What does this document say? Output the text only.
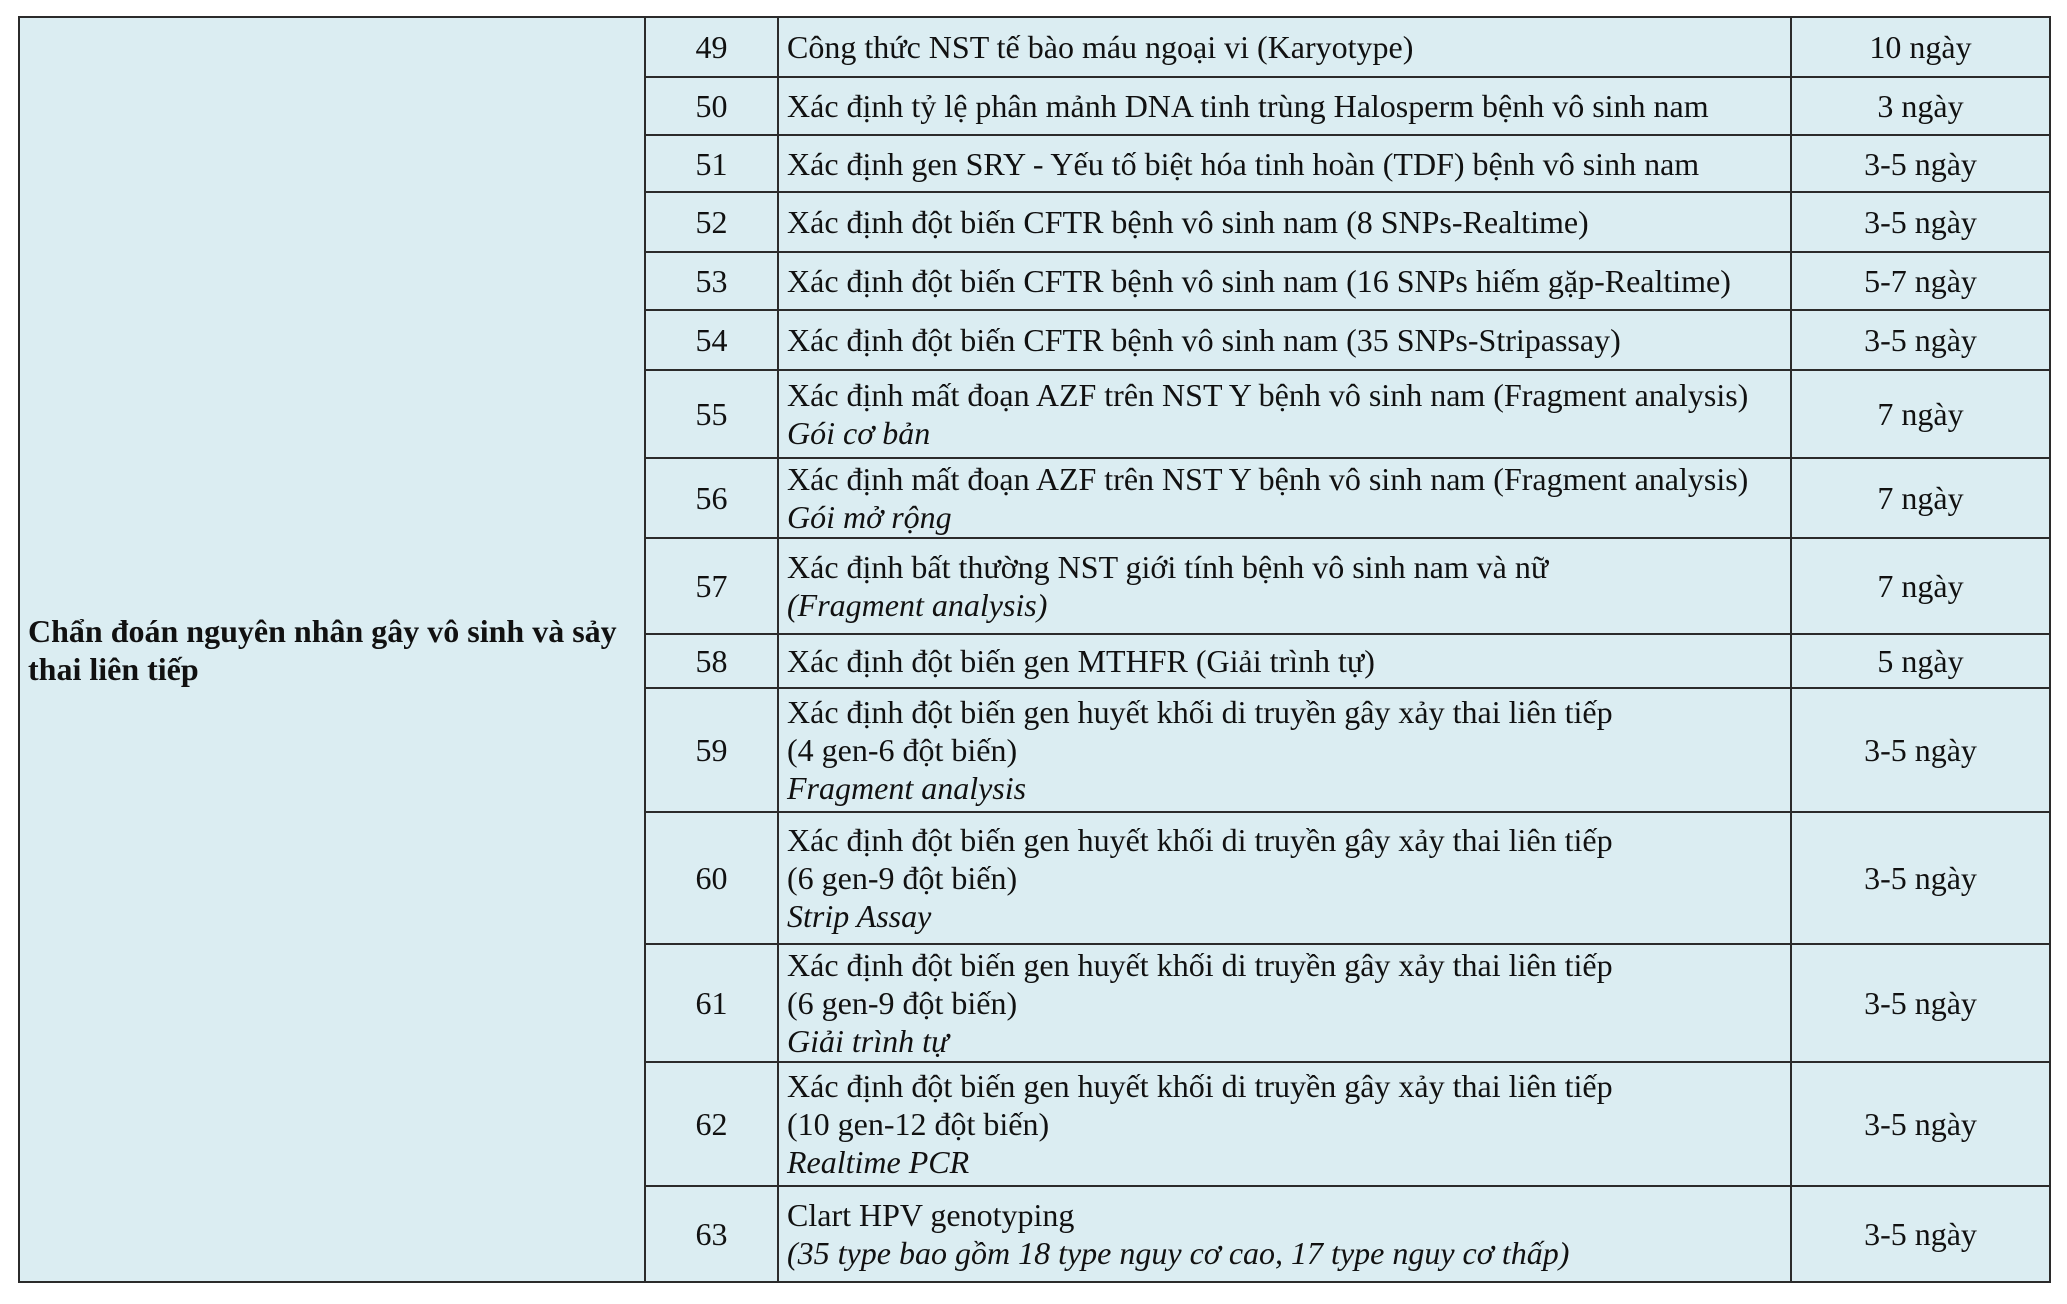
Chẩn đoán nguyên nhân gây vô sinh và sảy thai liên tiếp	49	Công thức NST tế bào máu ngoại vi (Karyotype)	10 ngày
	50	Xác định tỷ lệ phân mảnh DNA tinh trùng Halosperm bệnh vô sinh nam	3 ngày
	51	Xác định gen SRY - Yếu tố biệt hóa tinh hoàn (TDF) bệnh vô sinh nam	3-5 ngày
	52	Xác định đột biến CFTR bệnh vô sinh nam (8 SNPs-Realtime)	3-5 ngày
	53	Xác định đột biến CFTR bệnh vô sinh nam (16 SNPs hiếm gặp-Realtime)	5-7 ngày
	54	Xác định đột biến CFTR bệnh vô sinh nam (35 SNPs-Stripassay)	3-5 ngày
	55	Xác định mất đoạn AZF trên NST Y bệnh vô sinh nam (Fragment analysis)
Gói cơ bản	7 ngày
	56	Xác định mất đoạn AZF trên NST Y bệnh vô sinh nam (Fragment analysis)
Gói mở rộng	7 ngày
	57	Xác định bất thường NST giới tính bệnh vô sinh nam và nữ
(Fragment analysis)	7 ngày
	58	Xác định đột biến gen MTHFR (Giải trình tự)	5 ngày
	59	Xác định đột biến gen huyết khối di truyền gây xảy thai liên tiếp
(4 gen-6 đột biến)
Fragment analysis	3-5 ngày
	60	Xác định đột biến gen huyết khối di truyền gây xảy thai liên tiếp
(6 gen-9 đột biến)
Strip Assay	3-5 ngày
	61	Xác định đột biến gen huyết khối di truyền gây xảy thai liên tiếp
(6 gen-9 đột biến)
Giải trình tự	3-5 ngày
	62	Xác định đột biến gen huyết khối di truyền gây xảy thai liên tiếp
(10 gen-12 đột biến)
Realtime PCR	3-5 ngày
	63	Clart HPV genotyping
(35 type bao gồm 18 type nguy cơ cao, 17 type nguy cơ thấp)	3-5 ngày
